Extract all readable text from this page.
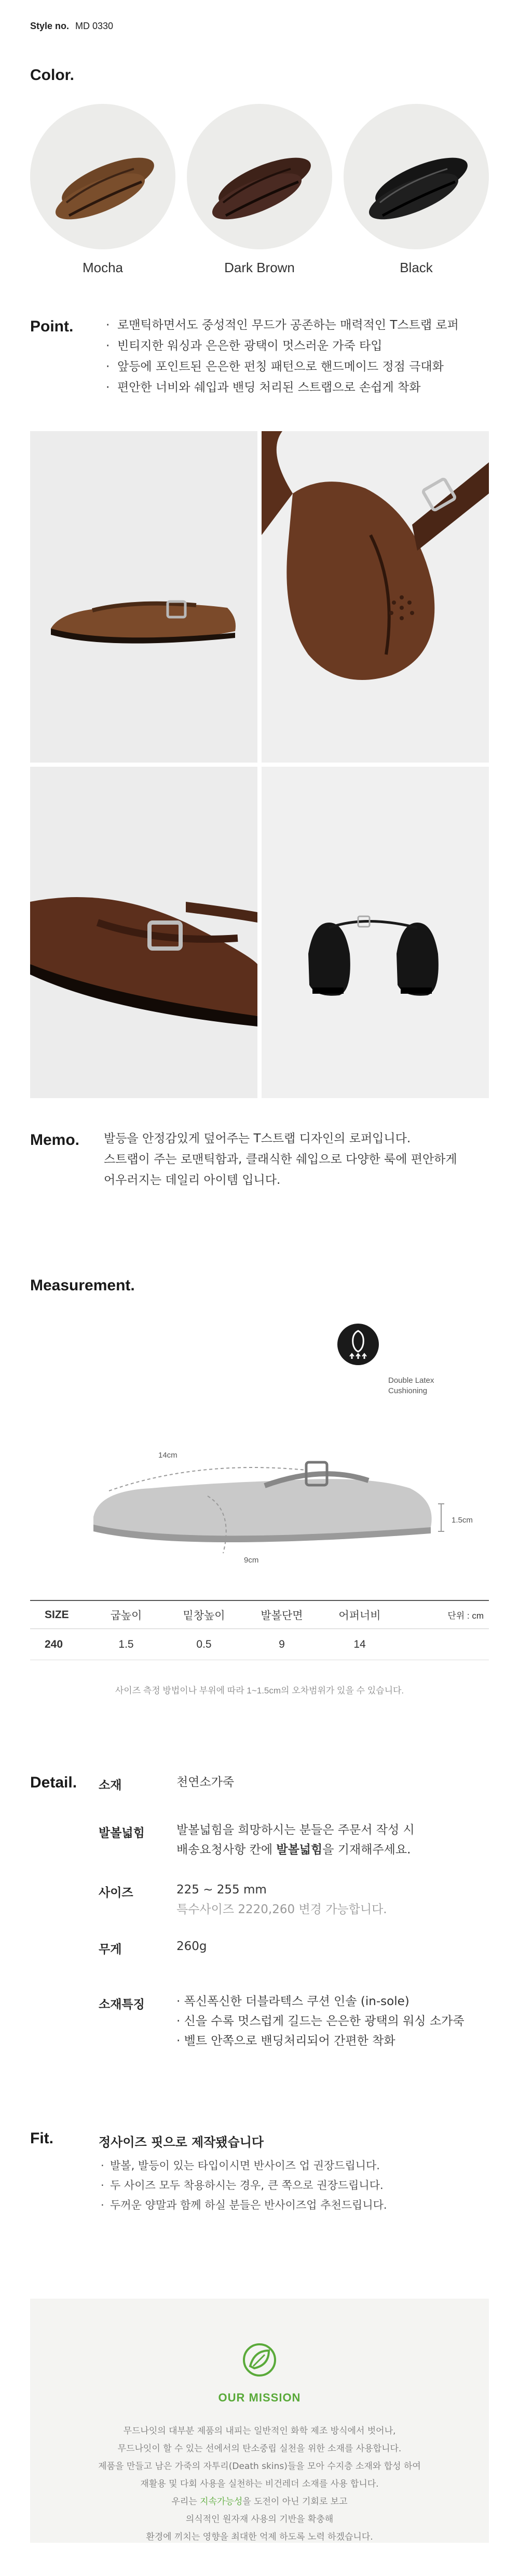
Style no. MD 0330
Color.
Mocha	Dark Brown	Black
Point.
·	로맨틱하면서도 중성적인 무드가 공존하는 매력적인 T스트랩 로퍼
· 빈티지한 워싱과 은은한 광택이 멋스러운 가죽 타입
· 앞등에 포인트된 은은한 펀칭 패턴으로 핸드메이드 정점 극대화
· 편안한 너비와 쉐입과 밴딩 처리된 스트랩으로 손쉽게 착화
Memo. 발등을 안정감있게 덮어주는 T스트랩 디자인의 로퍼입니다.
스트랩이 주는 로맨틱함과, 클래식한 쉐입으로 다양한 룩에 편안하게
어우러지는 데일리 아이템 입니다.
Measurement.
Double Latex
Cushioning
14cm
9cm
1.5cm
SIZE	굽높이	밑창높이	발볼단면	어퍼너비	단위 : cm
240	1.5	0.5	9	14
사이즈 측정 방법이나 부위에 따라 1~1.5cm의 오차범위가 있을 수 있습니다.
Detail. 소재	천연소가죽
발볼넓힘	발볼넓힘을 희망하시는 분들은 주문서 작성 시
배송요청사항 칸에 발볼넓힘을 기재해주세요.
사이즈	225 ~ 255 mm
특수사이즈 2220,260 변경 가능합니다.
무게	260g
소재특징	· 폭신폭신한 더블라텍스 쿠션 인솔 (in-sole)
· 신을 수록 멋스럽게 길드는 은은한 광택의 워싱 소가죽
· 벨트 안쪽으로 밴딩처리되어 간편한 착화
Fit.	정사이즈 핏으로 제작됐습니다
· 발볼, 발등이 있는 타입이시면 반사이즈 업 권장드립니다.
· 두 사이즈 모두 착용하시는 경우, 큰 쪽으로 권장드립니다.
· 두꺼운 양말과 함께 하실 분들은 반사이즈업 추천드립니다.
OUR MISSION
무드나잇의 대부분 제품의 내피는 일반적인 화학 제조 방식에서 벗어나,
무드나잇이 할 수 있는 선에서의 탄소중립 실천을 위한 소재를 사용합니다.
제품을 만들고 남은 가죽의 자투리(Death skins)들을 모아 수지층 소재와 합성 하여
재활용 및 다회 사용을 실천하는 비건레더 소재를 사용 합니다.
우리는 지속가능성을 도전이 아닌 기회로 보고
의식적인 원자재 사용의 기반을 확충해
환경에 끼치는 영향을 최대한 억제 하도록 노력 하겠습니다.
